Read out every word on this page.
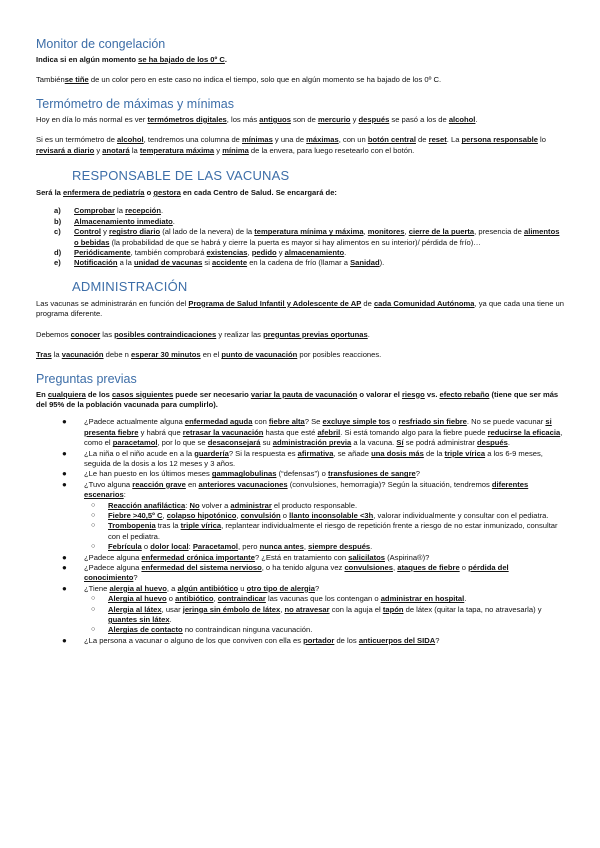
Monitor de congelación

Indica si en algún momento se ha bajado de los 0º C.

Tambiénse tiñe de un color pero en este caso no indica el tiempo, solo que en algún momento se ha bajado de los 0º C.

Termómetro de máximas y mínimas

Hoy en día lo más normal es ver termómetros digitales, los más antiguos son de mercurio y después se pasó a los de alcohol.

Si es un termómetro de alcohol, tendremos una columna de mínimas y una de máximas, con un botón central de reset. La persona responsable lo revisará a diario y anotará la temperatura máxima y mínima de la envera, para luego resetearlo con el botón.

RESPONSABLE DE LAS VACUNAS

Será la enfermera de pediatría o gestora en cada Centro de Salud. Se encargará de:

a) Comprobar la recepción.
b) Almacenamiento inmediato.
c) Control y registro diario (al lado de la nevera) de la temperatura mínima y máxima, monitores, cierre de la puerta, presencia de alimentos o bebidas (la probabilidad de que se habrá y cierre la puerta es mayor si hay alimentos en su interior)/ pérdida de frío)…
d) Periódicamente, también comprobará existencias, pedido y almacenamiento.
e) Notificación a la unidad de vacunas si accidente en la cadena de frío (llamar a Sanidad).
ADMINISTRACIÓN

Las vacunas se administrarán en función del Programa de Salud Infantil y Adolescente de AP de cada Comunidad Autónoma, ya que cada una tiene un programa diferente.

Debemos conocer las posibles contraindicaciones y realizar las preguntas previas oportunas.

Tras la vacunación debe n esperar 30 minutos en el punto de vacunación por posibles reacciones.

Preguntas previas

En cualquiera de los casos siguientes puede ser necesario variar la pauta de vacunación o valorar el riesgo vs. efecto rebaño (tiene que ser más del 95% de la población vacunada para cumplirlo).

● ¿Padece actualmente alguna enfermedad aguda con fiebre alta? Se excluye simple tos o resfriado sin fiebre. No se puede vacunar si presenta fiebre y habrá que retrasar la vacunación hasta que esté afebril. Si está tomando algo para la fiebre puede reducirse la eficacia, como el paracetamol, por lo que se desaconsejará su administración previa a la vacuna. Sí se podrá administrar después.
● ¿La niña o el niño acude en a la guardería? Si la respuesta es afirmativa, se añade una dosis más de la triple vírica a los 6-9 meses, seguida de la dosis a los 12 meses y 3 años.
● ¿Le han puesto en los últimos meses gammaglobulinas (“defensas”) o transfusiones de sangre?
● ¿Tuvo alguna reacción grave en anteriores vacunaciones (convulsiones, hemorragia)? Según la situación, tendremos diferentes escenarios:
○ Reacción anafiláctica: No volver a administrar el producto responsable.
○ Fiebre >40,5º C, colapso hipotónico, convulsión o llanto inconsolable <3h, valorar individualmente y consultar con el pediatra.
○ Trombopenia tras la triple vírica, replantear individualmente el riesgo de repetición frente a riesgo de no estar inmunizado, consultar con el pediatra.
○ Febrícula o dolor local: Paracetamol, pero nunca antes, siempre después.
● ¿Padece alguna enfermedad crónica importante? ¿Está en tratamiento con salicilatos (Aspirina®)?
● ¿Padece alguna enfermedad del sistema nervioso, o ha tenido alguna vez convulsiones, ataques de fiebre o pérdida del conocimiento?
● ¿Tiene alergia al huevo, a algún antibiótico u otro tipo de alergia?
○ Alergia al huevo o antibiótico, contraindicar las vacunas que los contengan o administrar en hospital.
○ Alergia al látex, usar jeringa sin émbolo de látex, no atravesar con la aguja el tapón de látex (quitar la tapa, no atravesarla) y guantes sin látex.
○ Alergias de contacto no contraindican ninguna vacunación.
● ¿La persona a vacunar o alguno de los que conviven con ella es portador de los anticuerpos del SIDA?
